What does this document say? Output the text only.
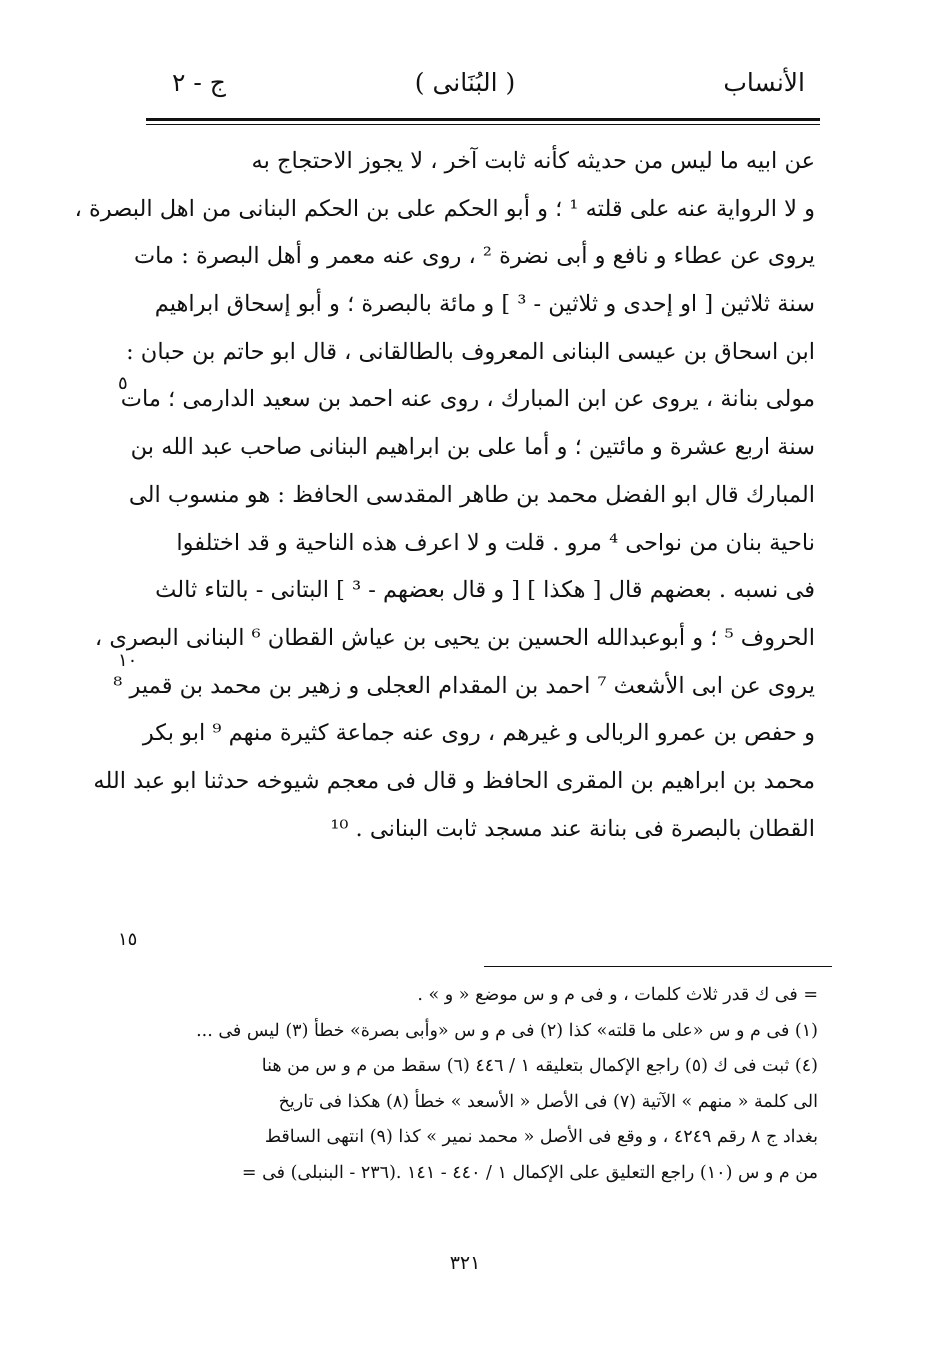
الأنساب
( البُنَانى )
ج - ٢
عن ابيه ما ليس من حديثه كأنه ثابت آخر ، لا يجوز الاحتجاج به
و لا الرواية عنه على قلته ¹ ؛ و أبو الحكم على بن الحكم البنانى من اهل البصرة ،
يروى عن عطاء و نافع و أبى نضرة ² ، روى عنه معمر و أهل البصرة : مات
سنة ثلاثين [ او إحدى و ثلاثين - ³ ] و مائة بالبصرة ؛ و أبو إسحاق ابراهيم
ابن اسحاق بن عيسى البنانى المعروف بالطالقانى ، قال ابو حاتم بن حبان :
مولى بنانة ، يروى عن ابن المبارك ، روى عنه احمد بن سعيد الدارمى ؛ مات
سنة اربع عشرة و مائتين ؛ و أما على بن ابراهيم البنانى صاحب عبد الله بن
المبارك قال ابو الفضل محمد بن طاهر المقدسى الحافظ : هو منسوب الى
ناحية بنان من نواحى ⁴ مرو . قلت و لا اعرف هذه الناحية و قد اختلفوا
فى نسبه . بعضهم قال [ هكذا ] [ و قال بعضهم - ³ ] البتانى - بالتاء ثالث
الحروف ⁵ ؛ و أبوعبدالله الحسين بن يحيى بن عياش القطان ⁶ البنانى البصرى ،
يروى عن ابى الأشعث ⁷ احمد بن المقدام العجلى و زهير بن محمد بن قمير ⁸
و حفص بن عمرو الربالى و غيرهم ، روى عنه جماعة كثيرة منهم ⁹ ابو بكر
محمد بن ابراهيم بن المقرى الحافظ و قال فى معجم شيوخه حدثنا ابو عبد الله
القطان بالبصرة فى بنانة عند مسجد ثابت البنانى . ¹⁰
٥
١٠
١٥
= فى ك قدر ثلاث كلمات ، و فى م و س موضع « و » .
(١) فى م و س «على ما قلته» كذا (٢) فى م و س «وأبى بصرة» خطأ (٣) ليس فى ...
(٤) ثبت فى ك (٥) راجع الإكمال بتعليقه ١ / ٤٤٦ (٦) سقط من م و س من هنا
الى كلمة « منهم » الآتية (٧) فى الأصل « الأسعد » خطأ (٨) هكذا فى تاريخ
بغداد ج ٨ رقم ٤٢٤٩ ، و وقع فى الأصل « محمد نمير » كذا (٩) انتهى الساقط
من م و س (١٠) راجع التعليق على الإكمال ١ / ٤٤٠ - ١٤١ .(٢٣٦ - البنبلى) فى =
٣٢١
